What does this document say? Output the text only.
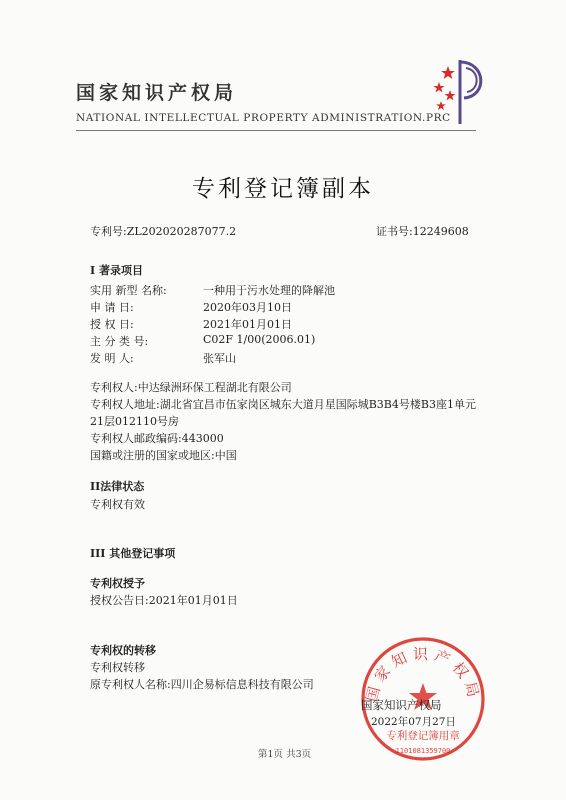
国家知识产权局
NATIONAL INTELLECTUAL PROPERTY ADMINISTRATION.PRC
专利登记簿副本
专利号:ZL202020287077.2	证书号:12249608
I 著录项目
实用 新型 名称:	一种用于污水处理的降解池
申 请 日:	2020年03月10日
授 权 日:	2021年01月01日
主 分 类 号:	C02F 1/00(2006.01)
发 明 人:	张军山
专利权人:中达绿洲环保工程湖北有限公司
专利权人地址:湖北省宜昌市伍家岗区城东大道月星国际城B3B4号楼B3座1单元
21层012110号房
专利权人邮政编码:443000
国籍或注册的国家或地区:中国
II法律状态
专利权有效
III 其他登记事项
专利权授予
授权公告日:2021年01月01日
专利权的转移
专利权转移
原专利权人名称:四川企易标信息科技有限公司	国家知识产权局
国家知识产权局
2022年07月27日
专利登记簿用章
1101081359700
第1页 共3页
